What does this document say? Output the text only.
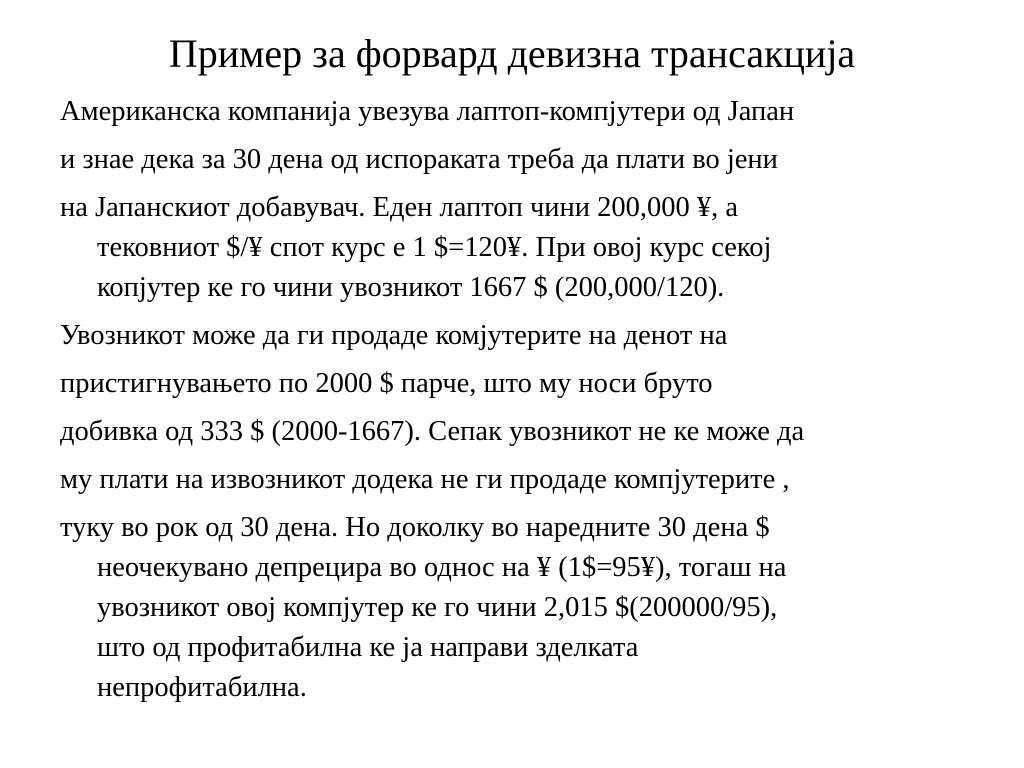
Пример за форвард девизна трансакција

Американска компанија увезува лаптоп-компјутери од Јапан

и знае дека за 30 дена од испораката треба да плати во јени

на Јапанскиот добавувач. Еден лаптоп чини 200,000 ¥, а
тековниот $/¥ спот курс е 1 $=120¥. При овој курс секој
копјутер ке го чини увозникот 1667 $ (200,000/120).

Увозникот може да ги продаде комјутерите на денот на

пристигнувањето по 2000 $ парче, што му носи бруто

добивка од 333 $ (2000-1667). Сепак увозникот не ке може да

му плати на извозникот додека не ги продаде компјутерите ,

туку во рок од 30 дена. Но доколку во наредните 30 дена $
неочекувано депрецира во однос на ¥ (1$=95¥), тогаш на
увозникот овој компјутер ке го чини 2,015 $(200000/95),
што од профитабилна ке ја направи зделката
непрофитабилна.
